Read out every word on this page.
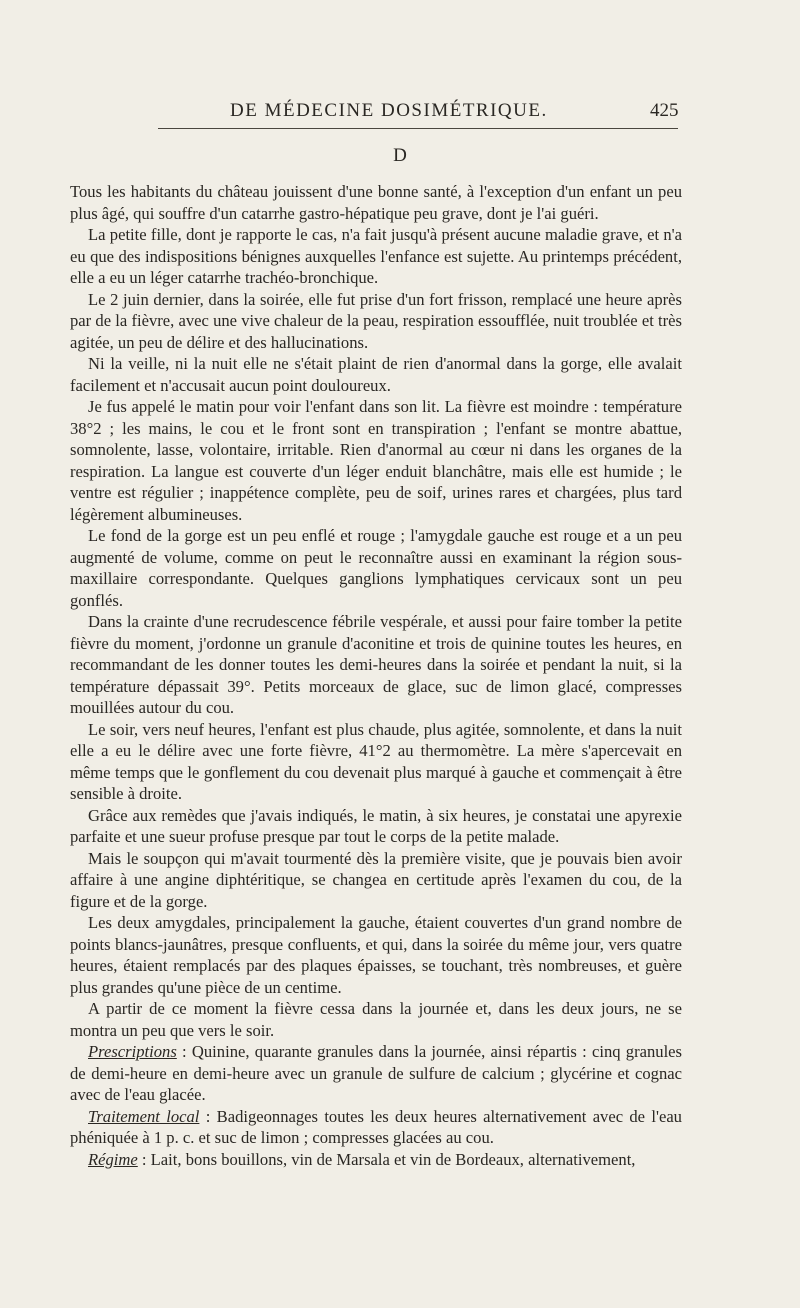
DE MÉDECINE DOSIMÉTRIQUE.	425
D

Tous les habitants du château jouissent d'une bonne santé, à l'exception d'un enfant un peu plus âgé, qui souffre d'un catarrhe gastro-hépatique peu grave, dont je l'ai guéri.

La petite fille, dont je rapporte le cas, n'a fait jusqu'à présent aucune maladie grave, et n'a eu que des indispositions bénignes auxquelles l'enfance est sujette. Au printemps précédent, elle a eu un léger catarrhe trachéo-bronchique.

Le 2 juin dernier, dans la soirée, elle fut prise d'un fort frisson, remplacé une heure après par de la fièvre, avec une vive chaleur de la peau, respiration essoufflée, nuit troublée et très agitée, un peu de délire et des hallucinations.

Ni la veille, ni la nuit elle ne s'était plaint de rien d'anormal dans la gorge, elle avalait facilement et n'accusait aucun point douloureux.

Je fus appelé le matin pour voir l'enfant dans son lit. La fièvre est moindre : température 38°2 ; les mains, le cou et le front sont en transpiration ; l'enfant se montre abattue, somnolente, lasse, volontaire, irritable. Rien d'anormal au cœur ni dans les organes de la respiration. La langue est couverte d'un léger enduit blanchâtre, mais elle est humide ; le ventre est régulier ; inappétence complète, peu de soif, urines rares et chargées, plus tard légèrement albumineuses.

Le fond de la gorge est un peu enflé et rouge ; l'amygdale gauche est rouge et a un peu augmenté de volume, comme on peut le reconnaître aussi en examinant la région sous-maxillaire correspondante. Quelques ganglions lymphatiques cervicaux sont un peu gonflés.

Dans la crainte d'une recrudescence fébrile vespérale, et aussi pour faire tomber la petite fièvre du moment, j'ordonne un granule d'aconitine et trois de quinine toutes les heures, en recommandant de les donner toutes les demi-heures dans la soirée et pendant la nuit, si la température dépassait 39°. Petits morceaux de glace, suc de limon glacé, compresses mouillées autour du cou.

Le soir, vers neuf heures, l'enfant est plus chaude, plus agitée, somnolente, et dans la nuit elle a eu le délire avec une forte fièvre, 41°2 au thermomètre. La mère s'apercevait en même temps que le gonflement du cou devenait plus marqué à gauche et commençait à être sensible à droite.

Grâce aux remèdes que j'avais indiqués, le matin, à six heures, je constatai une apyrexie parfaite et une sueur profuse presque par tout le corps de la petite malade.

Mais le soupçon qui m'avait tourmenté dès la première visite, que je pouvais bien avoir affaire à une angine diphtéritique, se changea en certitude après l'examen du cou, de la figure et de la gorge.

Les deux amygdales, principalement la gauche, étaient couvertes d'un grand nombre de points blancs-jaunâtres, presque confluents, et qui, dans la soirée du même jour, vers quatre heures, étaient remplacés par des plaques épaisses, se touchant, très nombreuses, et guère plus grandes qu'une pièce de un centime.

A partir de ce moment la fièvre cessa dans la journée et, dans les deux jours, ne se montra un peu que vers le soir.

Prescriptions : Quinine, quarante granules dans la journée, ainsi répartis : cinq granules de demi-heure en demi-heure avec un granule de sulfure de calcium ; glycérine et cognac avec de l'eau glacée.

Traitement local : Badigeonnages toutes les deux heures alternativement avec de l'eau phéniquée à 1 p. c. et suc de limon ; compresses glacées au cou.

Régime : Lait, bons bouillons, vin de Marsala et vin de Bordeaux, alternativement,
